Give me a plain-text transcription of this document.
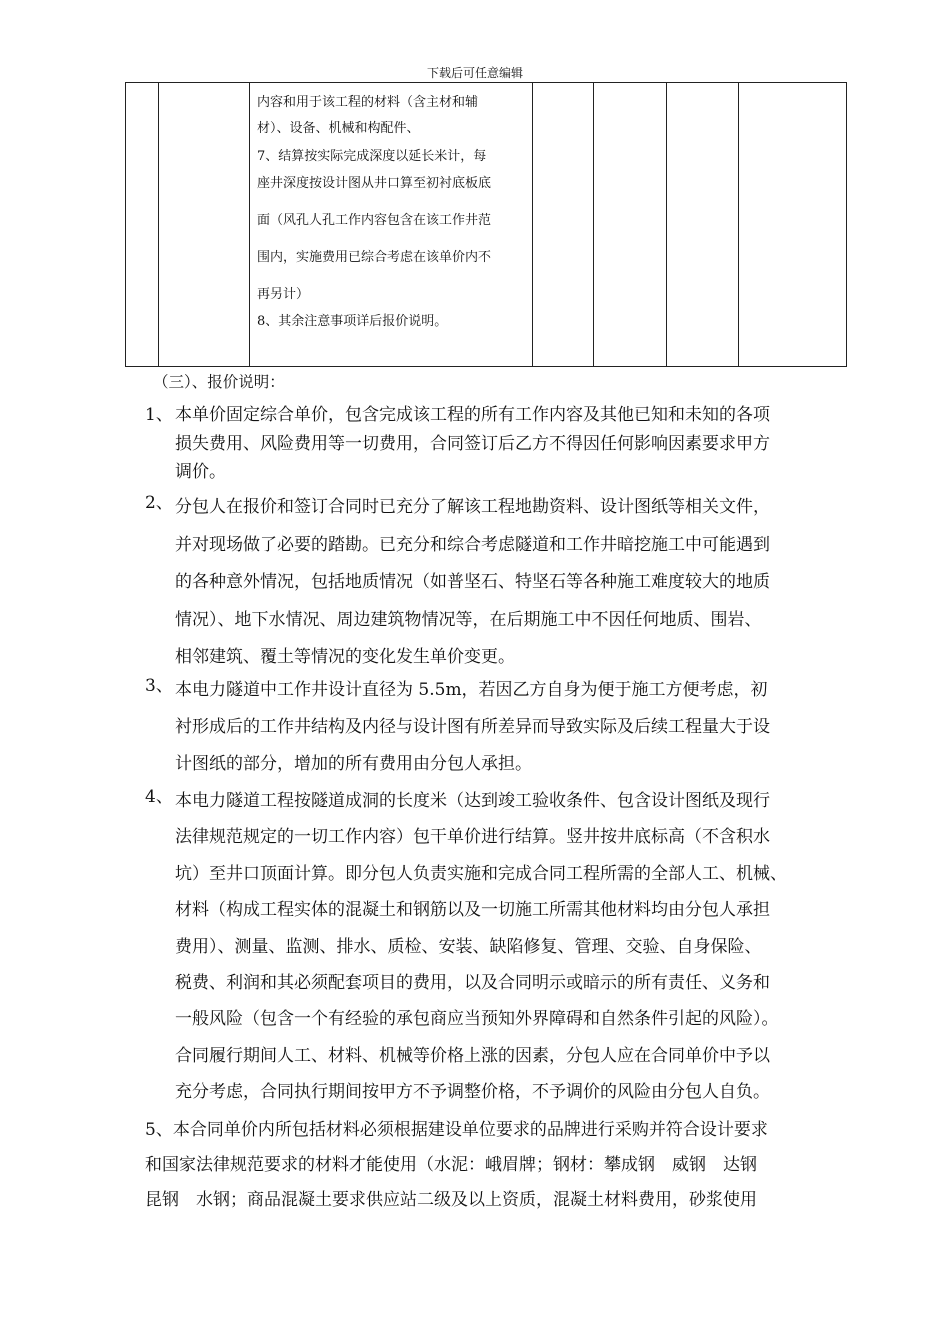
下载后可任意编辑

内容和用于该工程的材料（含主材和辅
材）、设备、机械和构配件、
7、结算按实际完成深度以延长米计，每
座井深度按设计图从井口算至初衬底板底
面（风孔人孔工作内容包含在该工作井范
围内，实施费用已综合考虑在该单价内不
再另计）
8、其余注意事项详后报价说明。

（三）、报价说明：
1、 本单价固定综合单价，包含完成该工程的所有工作内容及其他已知和未知的各项
损失费用、风险费用等一切费用，合同签订后乙方不得因任何影响因素要求甲方
调价。
2、 分包人在报价和签订合同时已充分了解该工程地勘资料、设计图纸等相关文件，
并对现场做了必要的踏勘。已充分和综合考虑隧道和工作井暗挖施工中可能遇到
的各种意外情况，包括地质情况（如普坚石、特坚石等各种施工难度较大的地质
情况）、地下水情况、周边建筑物情况等，在后期施工中不因任何地质、围岩、
相邻建筑、覆土等情况的变化发生单价变更。
3、 本电力隧道中工作井设计直径为 5.5m，若因乙方自身为便于施工方便考虑，初
衬形成后的工作井结构及内径与设计图有所差异而导致实际及后续工程量大于设
计图纸的部分，增加的所有费用由分包人承担。
4、 本电力隧道工程按隧道成洞的长度米（达到竣工验收条件、包含设计图纸及现行
法律规范规定的一切工作内容）包干单价进行结算。竖井按井底标高（不含积水
坑）至井口顶面计算。即分包人负责实施和完成合同工程所需的全部人工、机械、
材料（构成工程实体的混凝土和钢筋以及一切施工所需其他材料均由分包人承担
费用）、测量、监测、排水、质检、安装、缺陷修复、管理、交验、自身保险、
税费、利润和其必须配套项目的费用，以及合同明示或暗示的所有责任、义务和
一般风险（包含一个有经验的承包商应当预知外界障碍和自然条件引起的风险）。
合同履行期间人工、材料、机械等价格上涨的因素，分包人应在合同单价中予以
充分考虑，合同执行期间按甲方不予调整价格，不予调价的风险由分包人自负。
5、本合同单价内所包括材料必须根据建设单位要求的品牌进行采购并符合设计要求
和国家法律规范要求的材料才能使用（水泥：峨眉牌；钢材：攀成钢　威钢　达钢
昆钢　水钢；商品混凝土要求供应站二级及以上资质，混凝土材料费用，砂浆使用
